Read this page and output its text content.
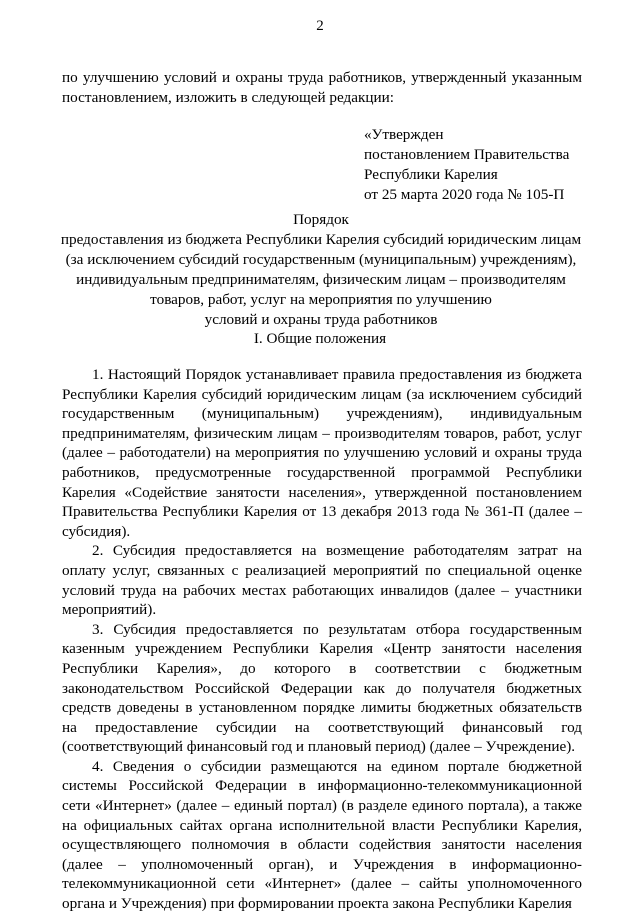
2
по улучшению условий и охраны труда работников, утвержденный указанным постановлением, изложить в следующей редакции:
«Утвержден
постановлением Правительства
Республики Карелия
от 25 марта 2020 года № 105-П
Порядок
предоставления из бюджета Республики Карелия субсидий юридическим лицам
(за исключением субсидий государственным (муниципальным) учреждениям),
индивидуальным предпринимателям, физическим лицам – производителям
товаров, работ, услуг на мероприятия по улучшению
условий и охраны труда работников
I. Общие положения

1. Настоящий Порядок устанавливает правила предоставления из бюджета Республики Карелия субсидий юридическим лицам (за исключением субсидий государственным (муниципальным) учреждениям), индивидуальным предпринимателям, физическим лицам – производителям товаров, работ, услуг (далее – работодатели) на мероприятия по улучшению условий и охраны труда работников, предусмотренные государственной программой Республики Карелия «Содействие занятости населения», утвержденной постановлением Правительства Республики Карелия от 13 декабря 2013 года № 361-П (далее – субсидия).

2. Субсидия предоставляется на возмещение работодателям затрат на оплату услуг, связанных с реализацией мероприятий по специальной оценке условий труда на рабочих местах работающих инвалидов (далее – участники мероприятий).

3. Субсидия предоставляется по результатам отбора государственным казенным учреждением Республики Карелия «Центр занятости населения Республики Карелия», до которого в соответствии с бюджетным законодательством Российской Федерации как до получателя бюджетных средств доведены в установленном порядке лимиты бюджетных обязательств на предоставление субсидии на соответствующий финансовый год (соответствующий финансовый год и плановый период) (далее – Учреждение).

4. Сведения о субсидии размещаются на едином портале бюджетной системы Российской Федерации в информационно-телекоммуникационной сети «Интернет» (далее – единый портал) (в разделе единого портала), а также на официальных сайтах органа исполнительной власти Республики Карелия, осуществляющего полномочия в области содействия занятости населения (далее – уполномоченный орган), и Учреждения в информационно-телекоммуникационной сети «Интернет» (далее – сайты уполномоченного органа и Учреждения) при формировании проекта закона Республики Карелия
